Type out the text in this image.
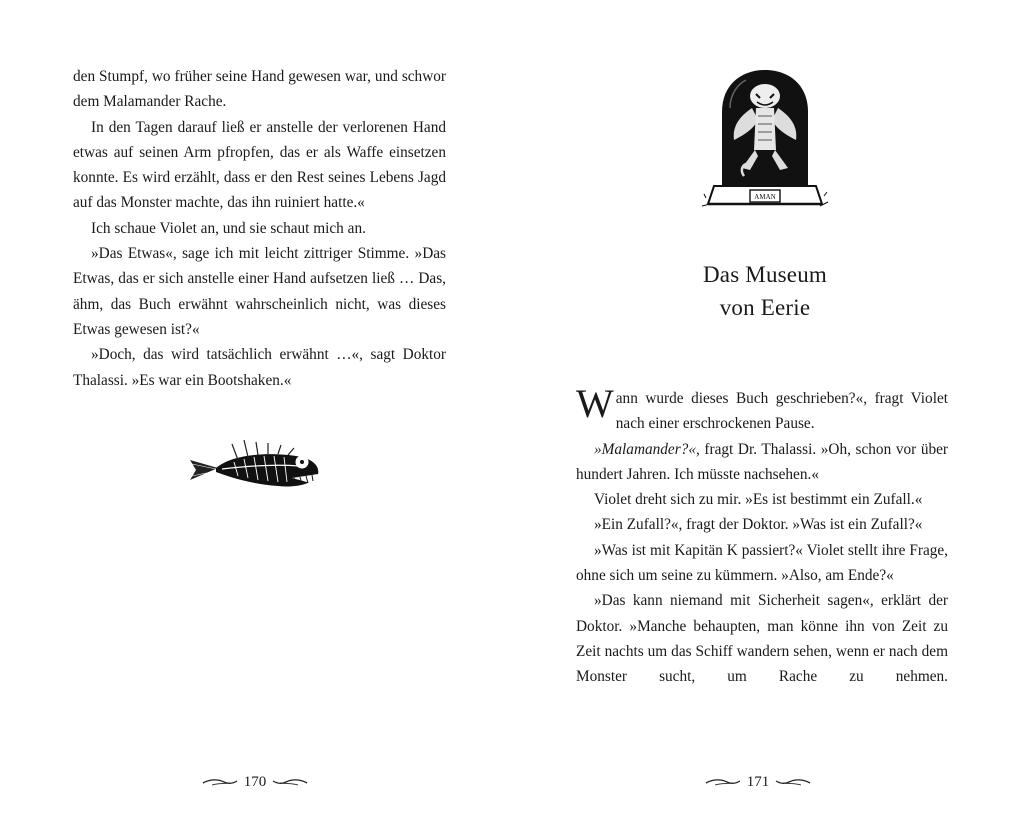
den Stumpf, wo früher seine Hand gewesen war, und schwor dem Malamander Rache.

In den Tagen darauf ließ er anstelle der verlorenen Hand etwas auf seinen Arm pfropfen, das er als Waffe einsetzen konnte. Es wird erzählt, dass er den Rest seines Lebens Jagd auf das Monster machte, das ihn ruiniert hatte.«

Ich schaue Violet an, und sie schaut mich an.

»Das Etwas«, sage ich mit leicht zittriger Stimme. »Das Etwas, das er sich anstelle einer Hand aufsetzen ließ … Das, ähm, das Buch erwähnt wahrscheinlich nicht, was dieses Etwas gewesen ist?«

»Doch, das wird tatsächlich erwähnt …«, sagt Doktor Thalassi. »Es war ein Bootshaken.«

170
AMAN
Das Museum
von Eerie

Wann wurde dieses Buch geschrieben?«, fragt Violet nach einer erschrockenen Pause.

»Malamander?«, fragt Dr. Thalassi. »Oh, schon vor über hundert Jahren. Ich müsste nachsehen.«

Violet dreht sich zu mir. »Es ist bestimmt ein Zufall.«

»Ein Zufall?«, fragt der Doktor. »Was ist ein Zufall?«

»Was ist mit Kapitän K passiert?« Violet stellt ihre Frage, ohne sich um seine zu kümmern. »Also, am Ende?«

»Das kann niemand mit Sicherheit sagen«, erklärt der Doktor. »Manche behaupten, man könne ihn von Zeit zu Zeit nachts um das Schiff wandern sehen, wenn er nach dem Monster sucht, um Rache zu nehmen.

171
